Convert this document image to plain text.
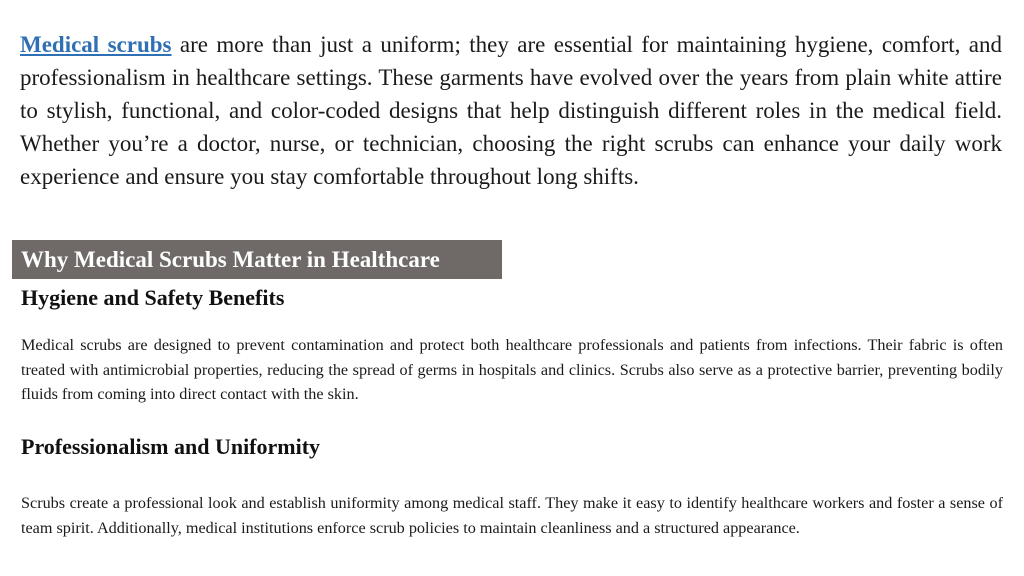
Medical scrubs are more than just a uniform; they are essential for maintaining hygiene, comfort, and professionalism in healthcare settings. These garments have evolved over the years from plain white attire to stylish, functional, and color-coded designs that help distinguish different roles in the medical field. Whether you’re a doctor, nurse, or technician, choosing the right scrubs can enhance your daily work experience and ensure you stay comfortable throughout long shifts.

Why Medical Scrubs Matter in Healthcare
Hygiene and Safety Benefits

Medical scrubs are designed to prevent contamination and protect both healthcare professionals and patients from infections. Their fabric is often treated with antimicrobial properties, reducing the spread of germs in hospitals and clinics. Scrubs also serve as a protective barrier, preventing bodily fluids from coming into direct contact with the skin.

Professionalism and Uniformity

Scrubs create a professional look and establish uniformity among medical staff. They make it easy to identify healthcare workers and foster a sense of team spirit. Additionally, medical institutions enforce scrub policies to maintain cleanliness and a structured appearance.
